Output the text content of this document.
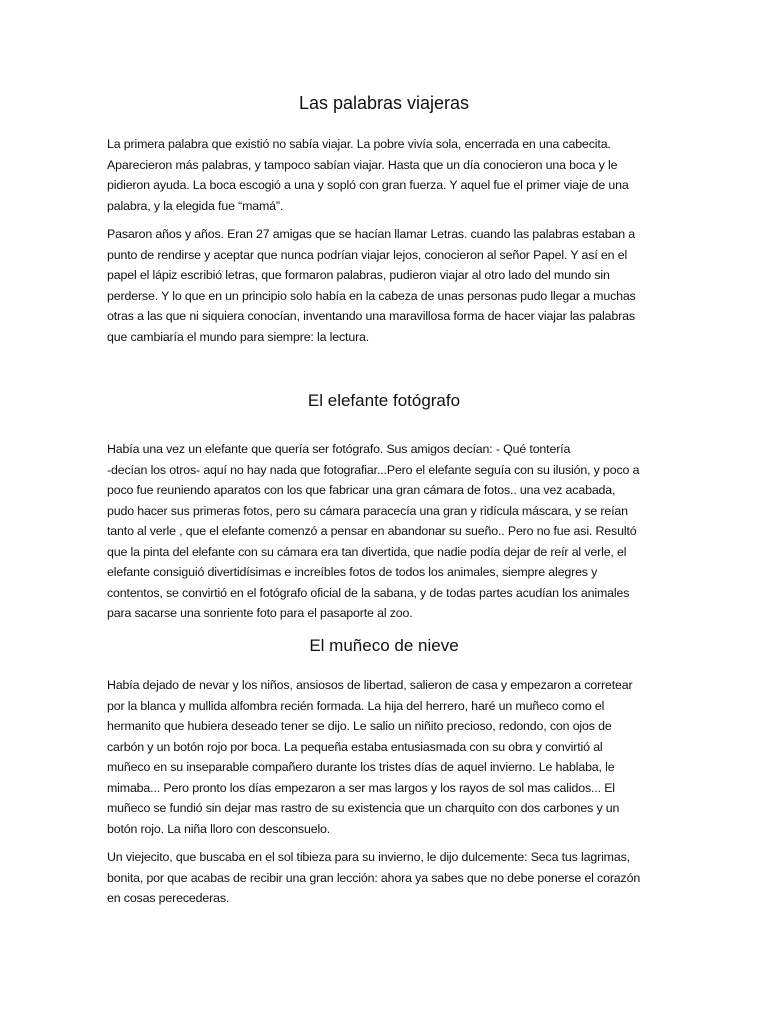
Las palabras viajeras

La primera palabra que existió no sabía viajar. La pobre vivía sola, encerrada en una cabecita.
Aparecieron más palabras, y tampoco sabían viajar. Hasta que un día conocieron una boca y le
pidieron ayuda. La boca escogió a una y sopló con gran fuerza. Y aquel fue el primer viaje de una
palabra, y la elegida fue “mamá”.

Pasaron años y años. Eran 27 amigas que se hacían llamar Letras. cuando las palabras estaban a
punto de rendirse y aceptar que nunca podrían viajar lejos, conocieron al señor Papel. Y así en el
papel el lápiz escribió letras, que formaron palabras, pudieron viajar al otro lado del mundo sin
perderse. Y lo que en un principio solo había en la cabeza de unas personas pudo llegar a muchas
otras a las que ni siquiera conocían, inventando una maravillosa forma de hacer viajar las palabras
que cambiaría el mundo para siempre: la lectura.

El elefante fotógrafo

Había una vez un elefante que quería ser fotógrafo. Sus amigos decían: - Qué tontería
-decían los otros- aquí no hay nada que fotografiar...Pero el elefante seguía con su ilusión, y poco a
poco fue reuniendo aparatos con los que fabricar una gran cámara de fotos.. una vez acabada,
pudo hacer sus primeras fotos, pero su cámara paracecía una gran y ridícula máscara, y se reían
tanto al verle , que el elefante comenzó a pensar en abandonar su sueño.. Pero no fue asi. Resultó
que la pinta del elefante con su cámara era tan divertida, que nadie podía dejar de reír al verle, el
elefante consiguió divertidísimas e increíbles fotos de todos los animales, siempre alegres y
contentos, se convirtió en el fotógrafo oficial de la sabana, y de todas partes acudían los animales
para sacarse una sonriente foto para el pasaporte al zoo.

El muñeco de nieve

Había dejado de nevar y los niños, ansiosos de libertad, salieron de casa y empezaron a corretear
por la blanca y mullida alfombra recién formada. La hija del herrero, haré un muñeco como el
hermanito que hubiera deseado tener se dijo. Le salio un niñito precioso, redondo, con ojos de
carbón y un botón rojo por boca. La pequeña estaba entusiasmada con su obra y convirtió al
muñeco en su inseparable compañero durante los tristes días de aquel invierno. Le hablaba, le
mimaba... Pero pronto los días empezaron a ser mas largos y los rayos de sol mas calidos... El
muñeco se fundió sin dejar mas rastro de su existencia que un charquito con dos carbones y un
botón rojo. La niña lloro con desconsuelo.

Un viejecito, que buscaba en el sol tibieza para su invierno, le dijo dulcemente: Seca tus lagrimas,
bonita, por que acabas de recibir una gran lección: ahora ya sabes que no debe ponerse el corazón
en cosas perecederas.
